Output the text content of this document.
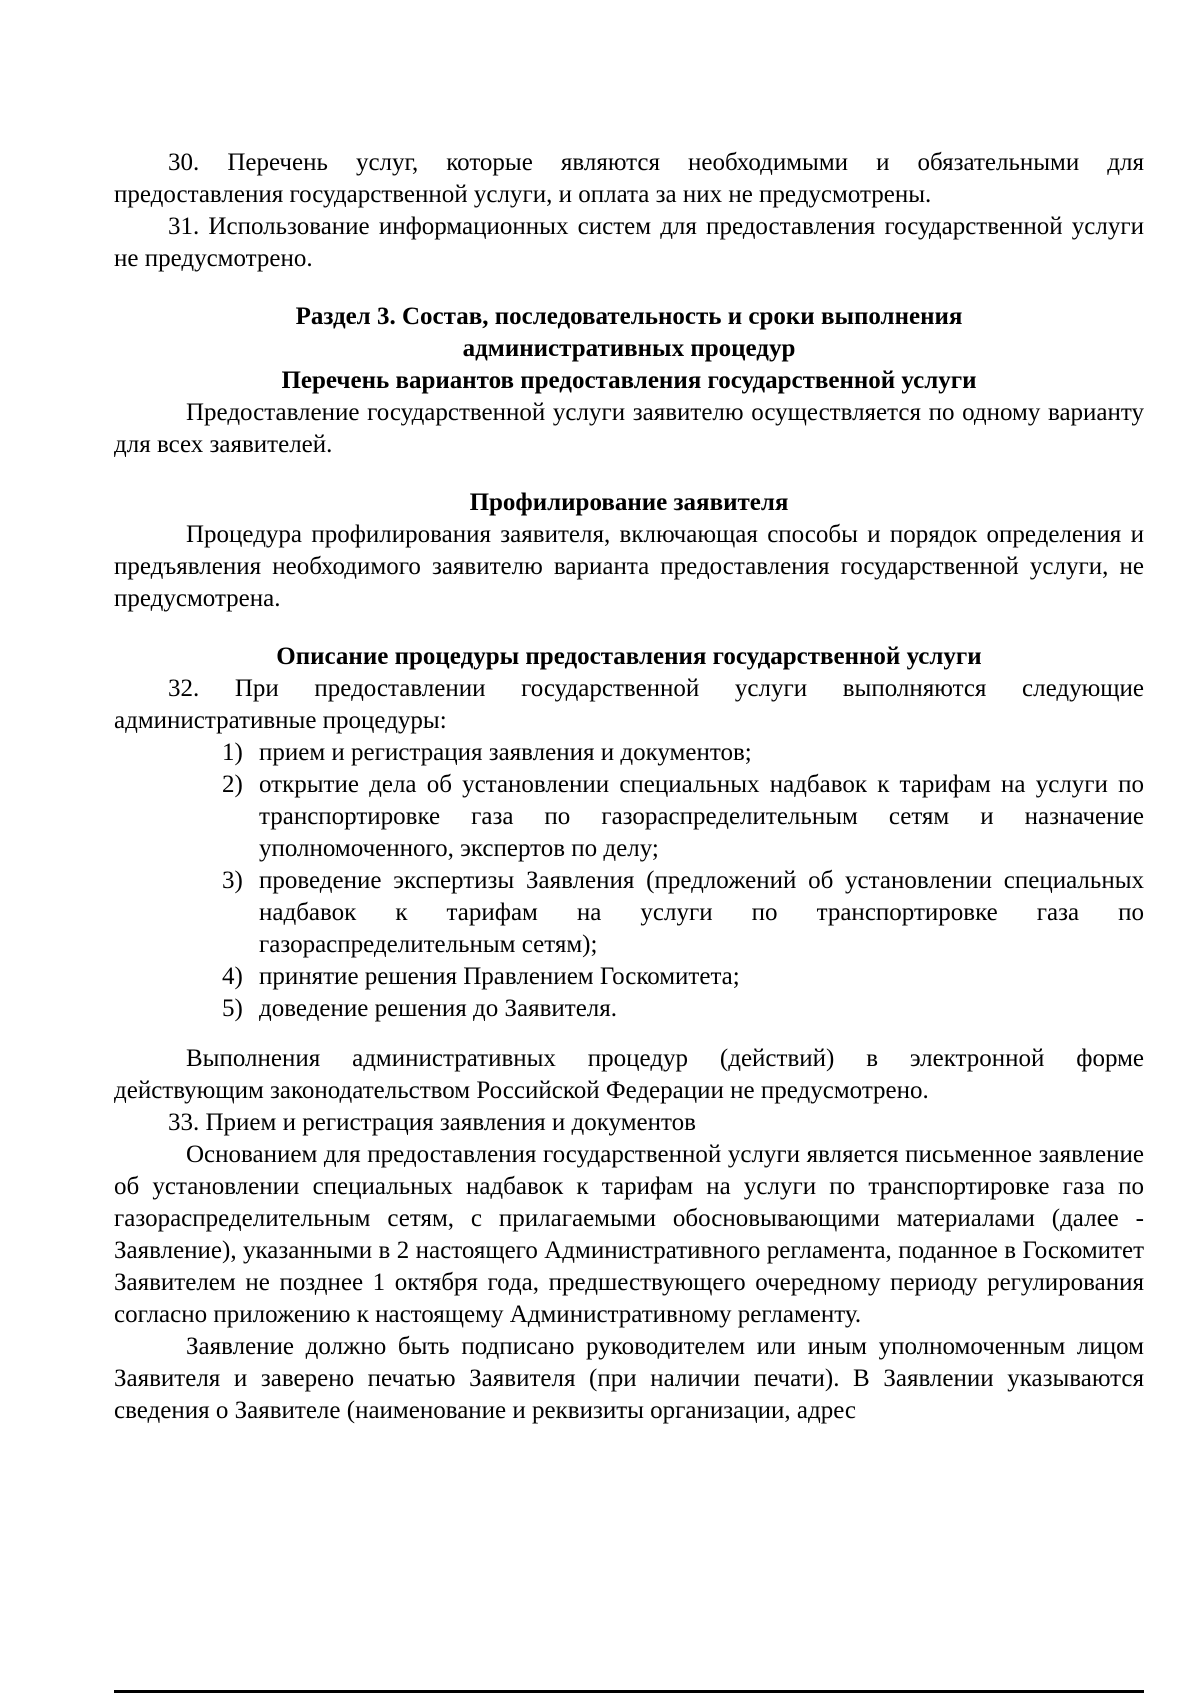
30. Перечень услуг, которые являются необходимыми и обязательными для предоставления государственной услуги, и оплата за них не предусмотрены.

31. Использование информационных систем для предоставления государственной услуги не предусмотрено.

Раздел 3. Состав, последовательность и сроки выполнения
административных процедур
Перечень вариантов предоставления государственной услуги

Предоставление государственной услуги заявителю осуществляется по одному варианту для всех заявителей.

Профилирование заявителя

Процедура профилирования заявителя, включающая способы и порядок определения и предъявления необходимого заявителю варианта предоставления государственной услуги, не предусмотрена.

Описание процедуры предоставления государственной услуги

32. При предоставлении государственной услуги выполняются следующие административные процедуры:

1) прием и регистрация заявления и документов;
2) открытие дела об установлении специальных надбавок к тарифам на услуги по транспортировке газа по газораспределительным сетям и назначение уполномоченного, экспертов по делу;
3) проведение экспертизы Заявления (предложений об установлении специальных надбавок к тарифам на услуги по транспортировке газа по газораспределительным сетям);
4) принятие решения Правлением Госкомитета;
5) доведение решения до Заявителя.

Выполнения административных процедур (действий) в электронной форме действующим законодательством Российской Федерации не предусмотрено.

33. Прием и регистрация заявления и документов

Основанием для предоставления государственной услуги является письменное заявление об установлении специальных надбавок к тарифам на услуги по транспортировке газа по газораспределительным сетям, с прилагаемыми обосновывающими материалами (далее - Заявление), указанными в 2 настоящего Административного регламента, поданное в Госкомитет Заявителем не позднее 1 октября года, предшествующего очередному периоду регулирования согласно приложению к настоящему Административному регламенту.

Заявление должно быть подписано руководителем или иным уполномоченным лицом Заявителя и заверено печатью Заявителя (при наличии печати). В Заявлении указываются сведения о Заявителе (наименование и реквизиты организации, адрес
